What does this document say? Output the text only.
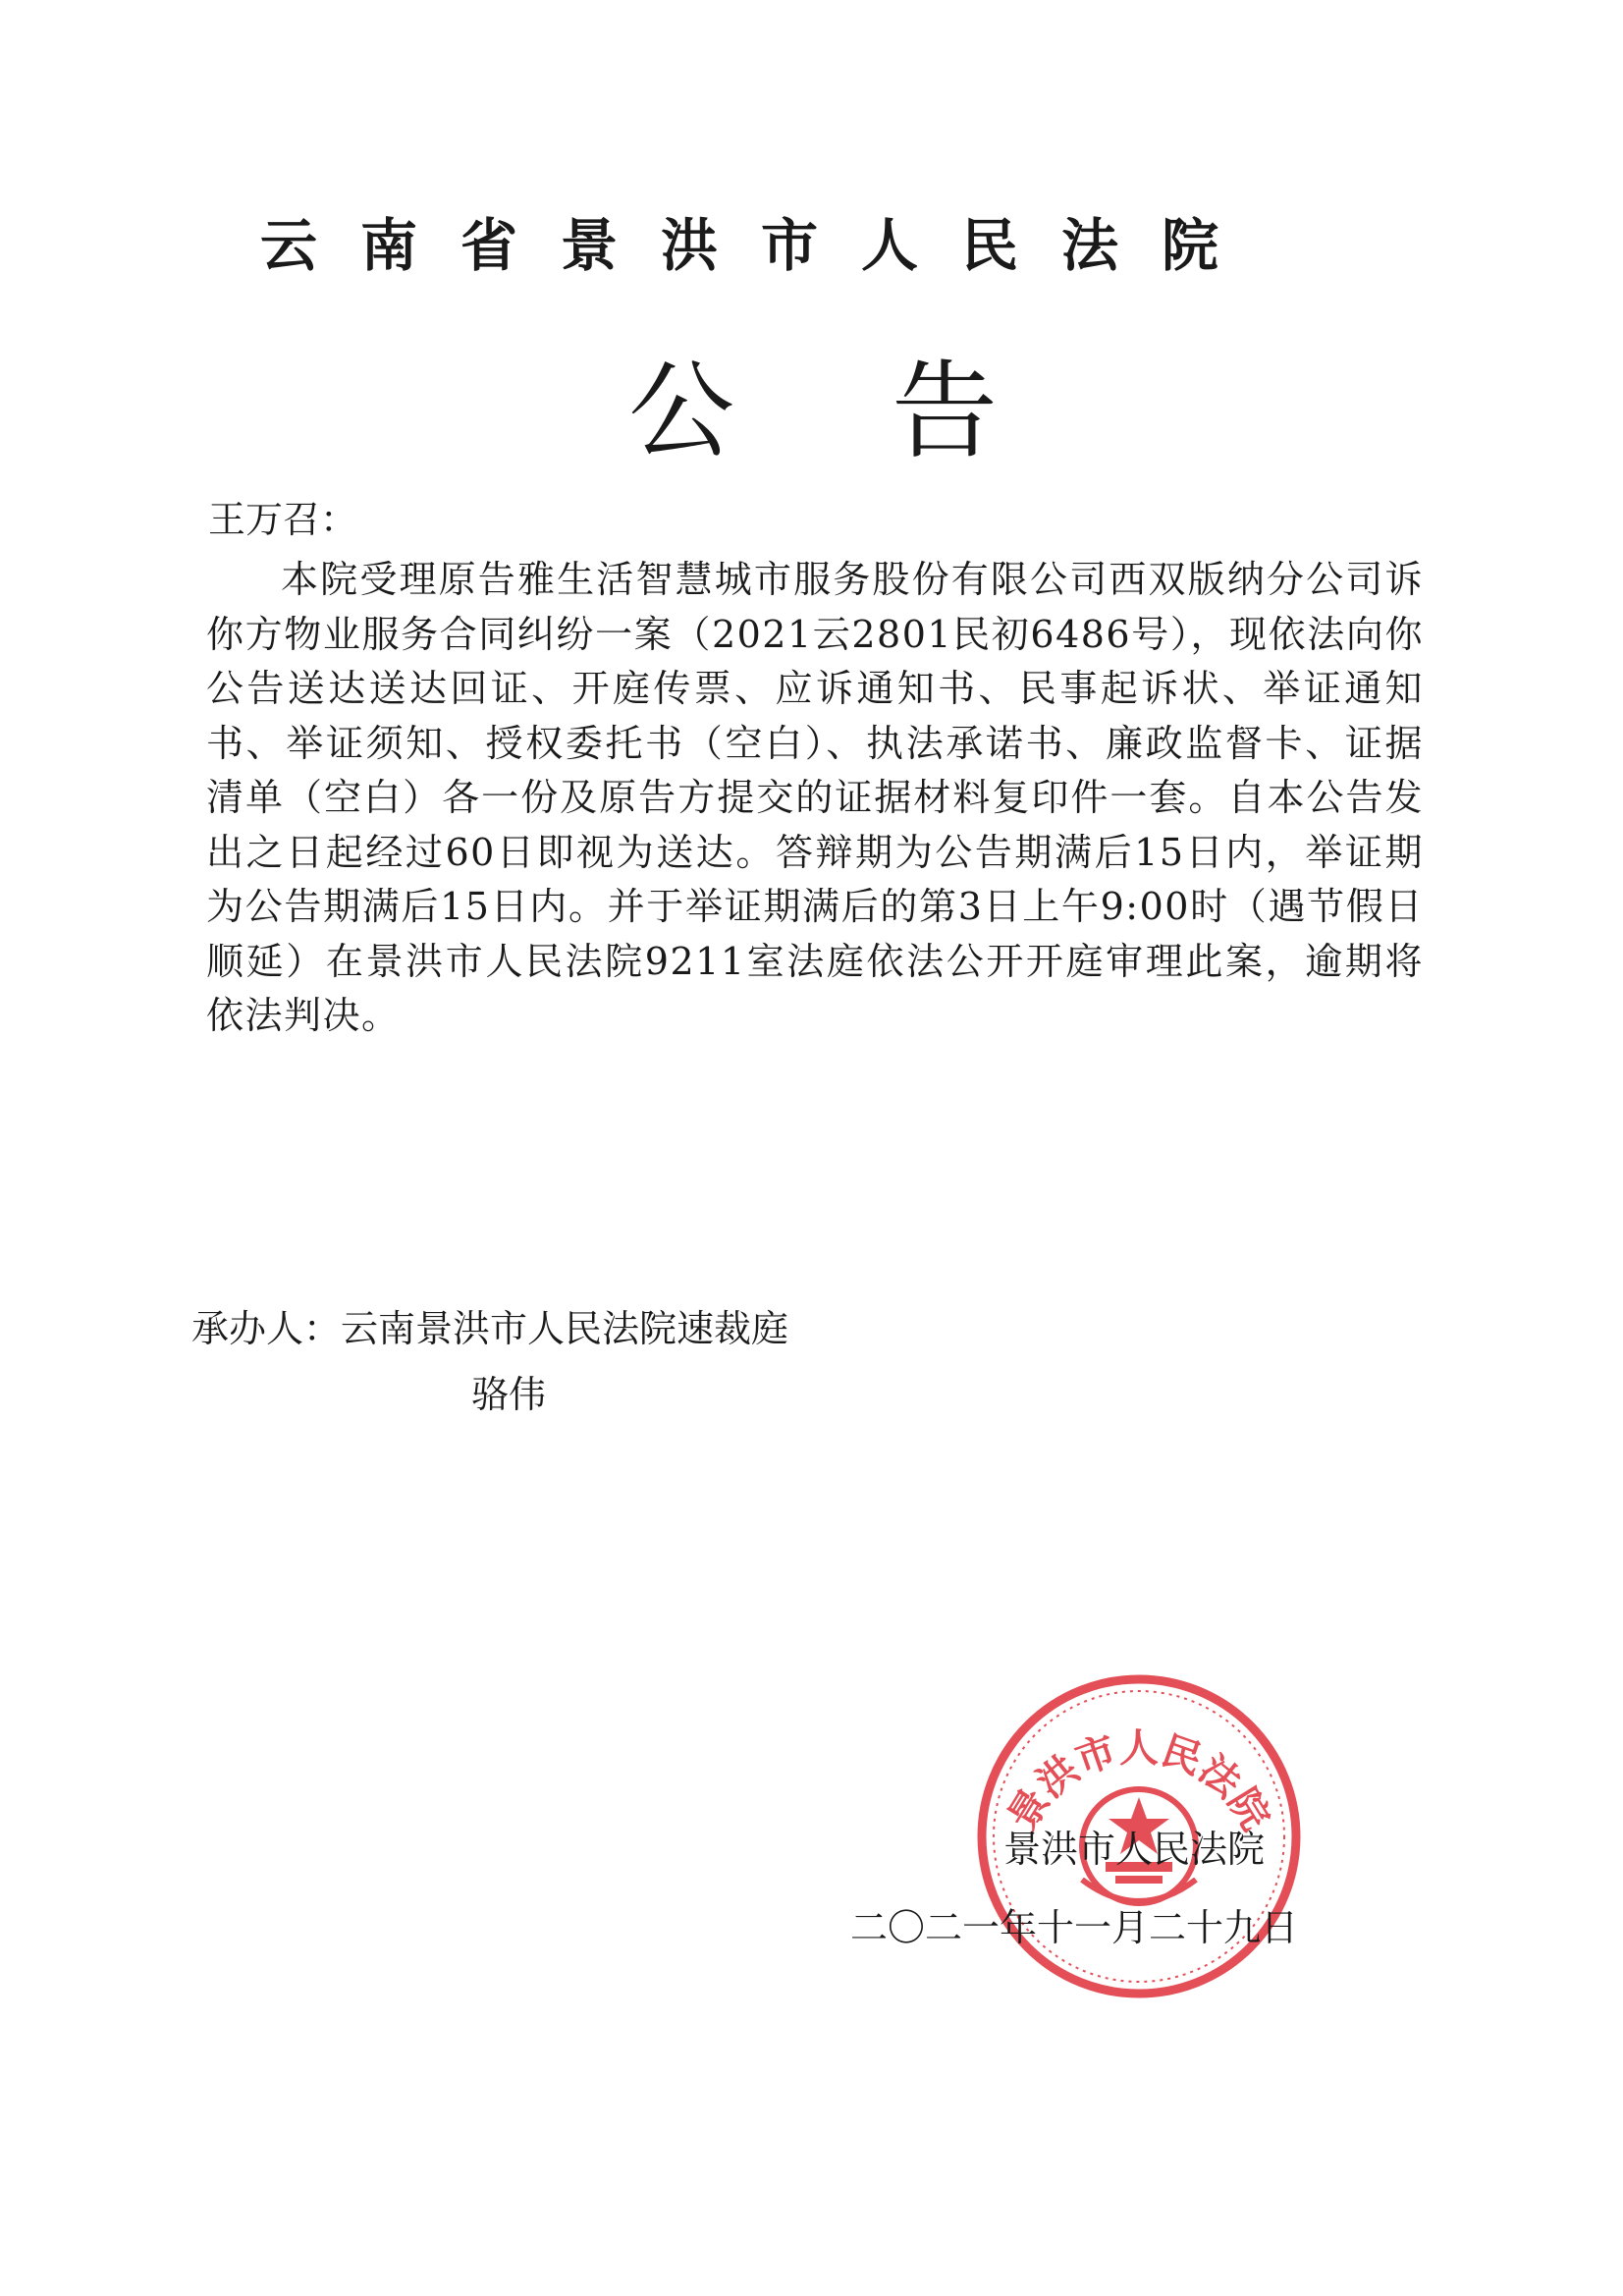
云南省景洪市人民法院
公告
王万召：
本院受理原告雅生活智慧城市服务股份有限公司西双版纳分公司诉你方物业服务合同纠纷一案（2021云2801民初6486号），现依法向你公告送达送达回证、开庭传票、应诉通知书、民事起诉状、举证通知书、举证须知、授权委托书（空白）、执法承诺书、廉政监督卡、证据清单（空白）各一份及原告方提交的证据材料复印件一套。自本公告发出之日起经过60日即视为送达。答辩期为公告期满后15日内，举证期为公告期满后15日内。并于举证期满后的第3日上午9:00时（遇节假日顺延）在景洪市人民法院9211室法庭依法公开开庭审理此案，逾期将依法判决。
承办人：云南景洪市人民法院速裁庭
骆伟
景洪市人民法院
景洪市人民法院
二〇二一年十一月二十九日
